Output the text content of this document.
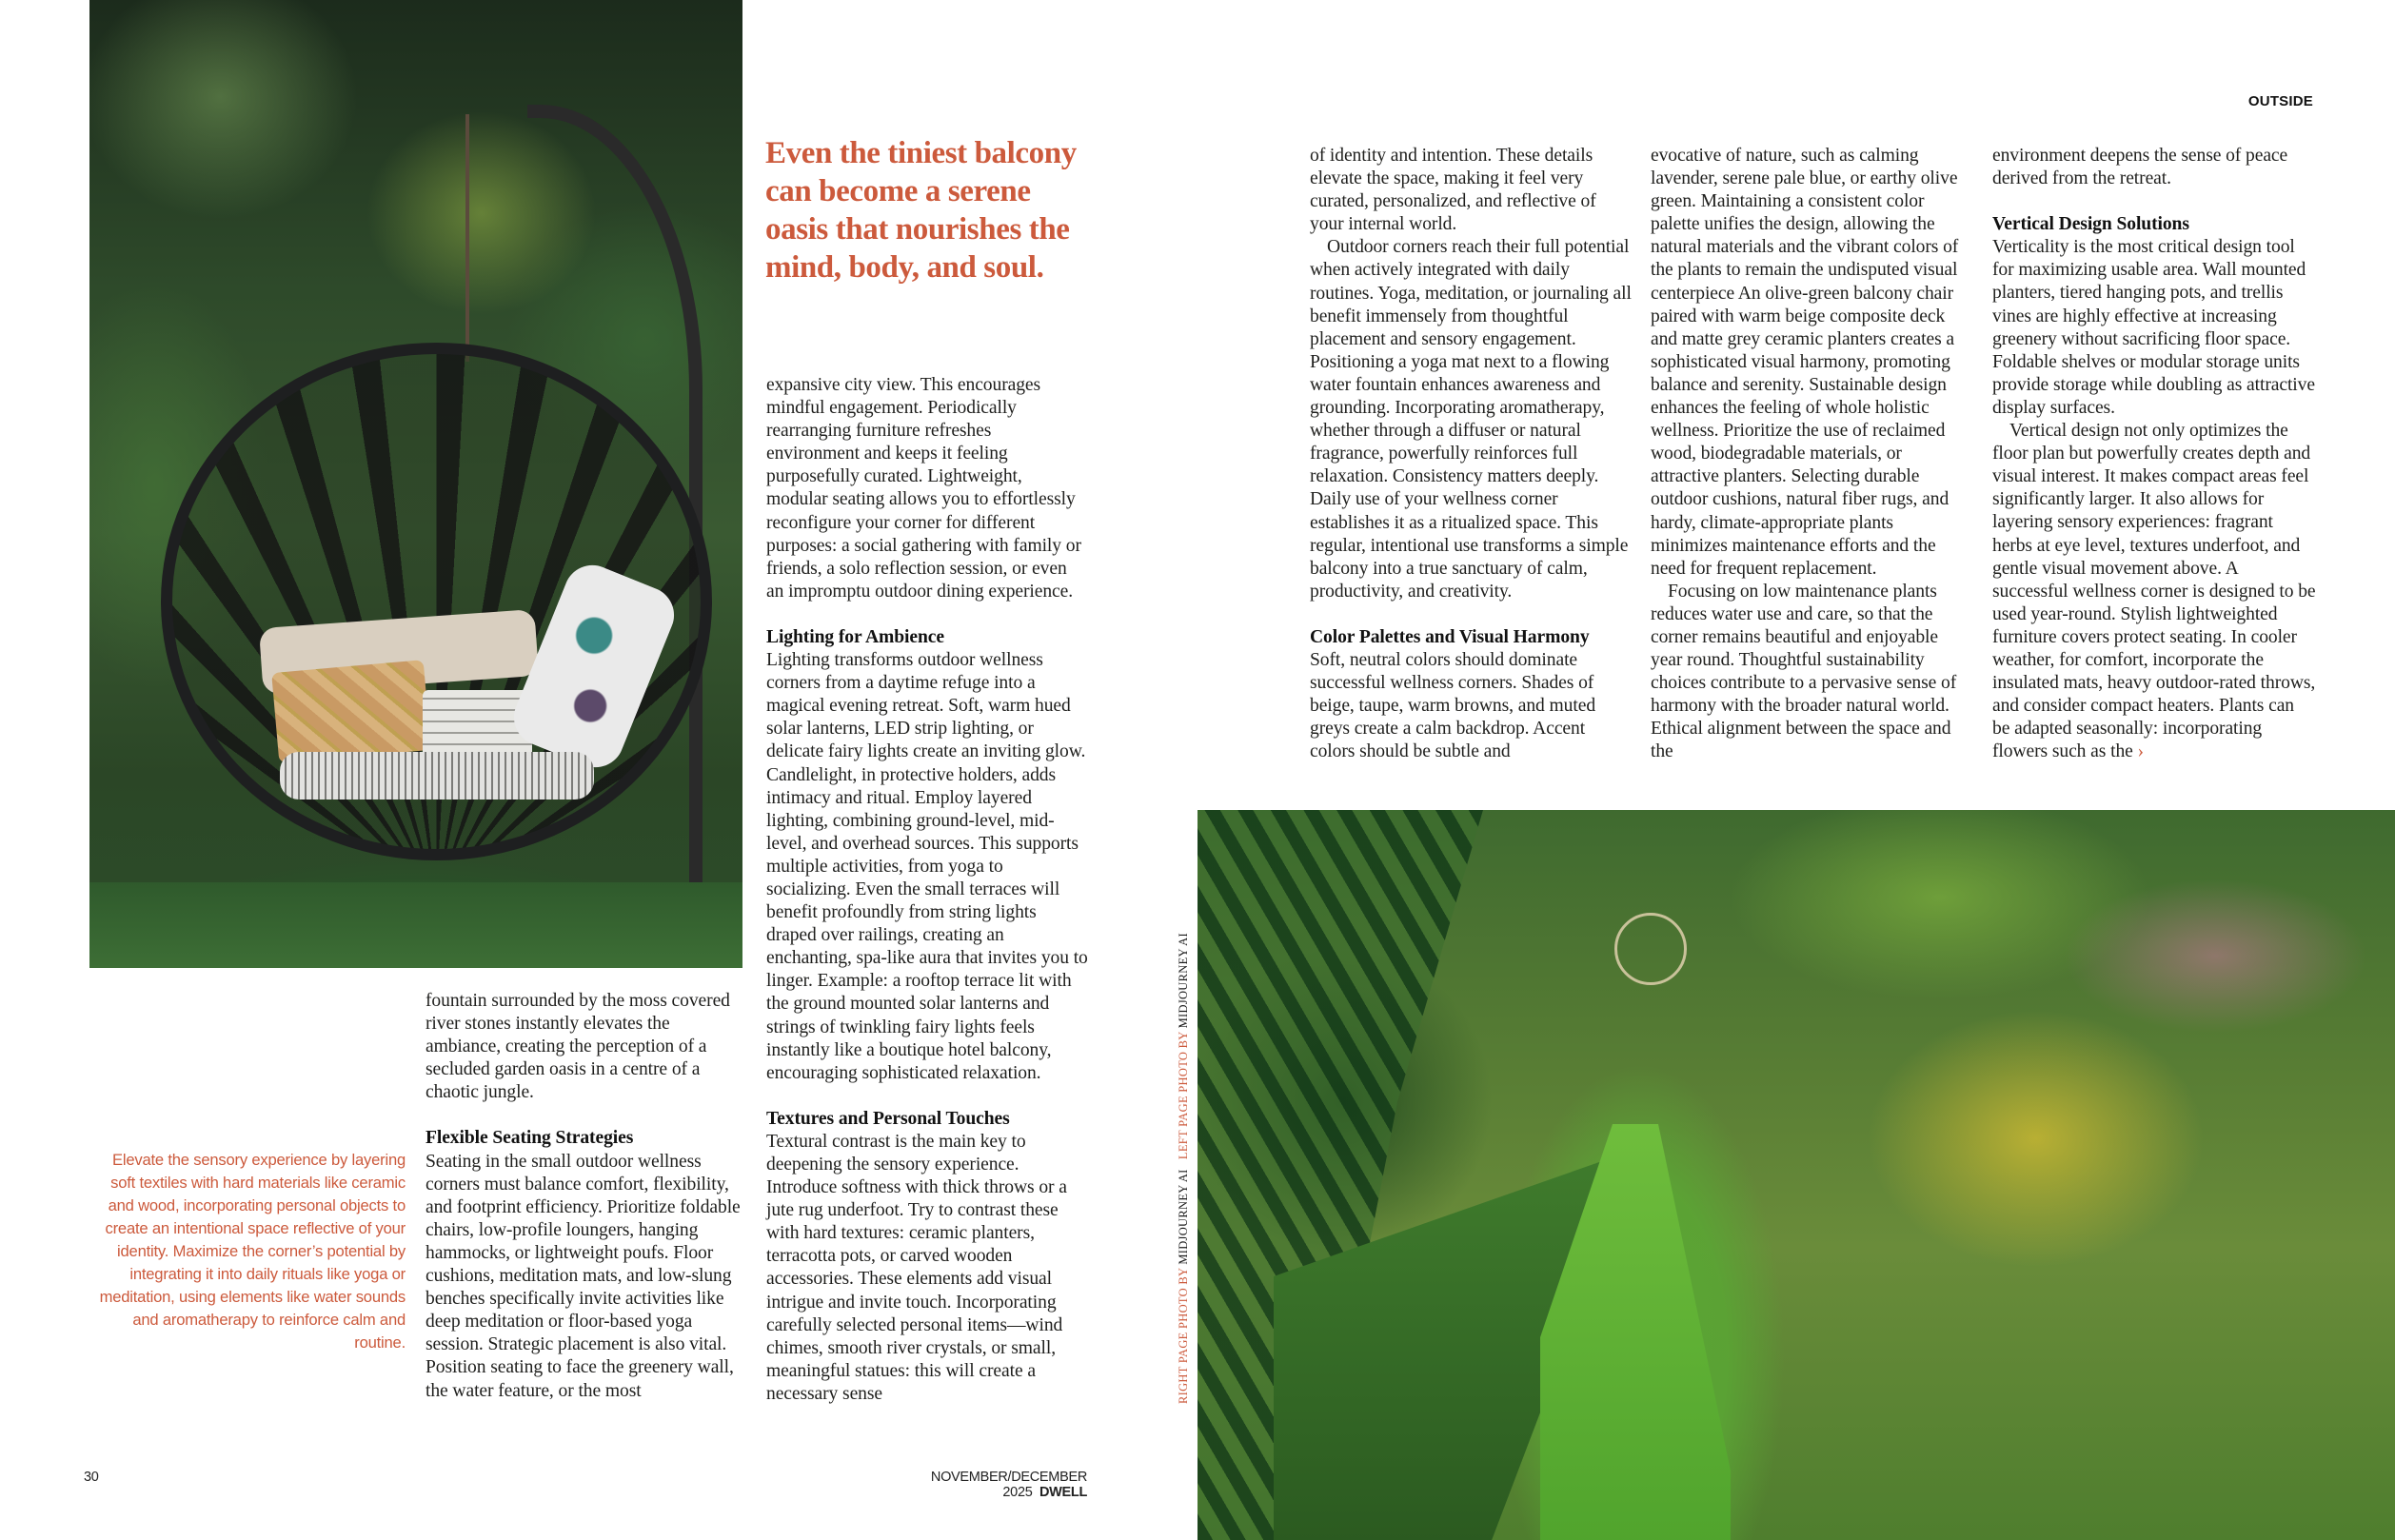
Even the tiniest balcony can become a serene oasis that nourishes the mind, body, and soul.

expansive city view. This encourages mindful engagement. Periodically rearranging furniture refreshes environment and keeps it feeling purposefully curated. Lightweight, modular seating allows you to effortlessly reconfigure your corner for different purposes: a social gathering with family or friends, a solo reflection session, or even an impromptu outdoor dining experience.

Lighting for Ambience

Lighting transforms outdoor wellness corners from a daytime refuge into a magical evening retreat. Soft, warm hued solar lanterns, LED strip lighting, or delicate fairy lights create an inviting glow. Candlelight, in protective holders, adds intimacy and ritual. Employ layered lighting, combining ground-level, mid-level, and overhead sources. This supports multiple activities, from yoga to socializing. Even the small terraces will benefit profoundly from string lights draped over railings, creating an enchanting, spa-like aura that invites you to linger. Example: a rooftop terrace lit with the ground mounted solar lanterns and strings of twinkling fairy lights feels instantly like a boutique hotel balcony, encouraging sophisticated relaxation.

Textures and Personal Touches

Textural contrast is the main key to deepening the sensory experience. Introduce softness with thick throws or a jute rug underfoot. Try to contrast these with hard textures: ceramic planters, terracotta pots, or carved wooden accessories. These elements add visual intrigue and invite touch. Incorporating carefully selected personal items—wind chimes, smooth river crystals, or small, meaningful statues: this will create a necessary sense

fountain surrounded by the moss covered river stones instantly elevates the ambiance, creating the perception of a secluded garden oasis in a centre of a chaotic jungle.

Flexible Seating Strategies

Seating in the small outdoor wellness corners must balance comfort, flexibility, and footprint efficiency. Prioritize foldable chairs, low-profile loungers, hanging hammocks, or lightweight poufs. Floor cushions, meditation mats, and low-slung benches specifically invite activities like deep meditation or floor-based yoga session. Strategic placement is also vital. Position seating to face the greenery wall, the water feature, or the most

Elevate the sensory experience by layering soft textiles with hard materials like ceramic and wood, incorporating personal objects to create an intentional space reflective of your identity. Maximize the corner’s potential by integrating it into daily rituals like yoga or meditation, using elements like water sounds and aromatherapy to reinforce calm and routine.
30	NOVEMBER/DECEMBER 2025 DWELL
RIGHT PAGE PHOTO BY MIDJOURNEY AI   LEFT PAGE PHOTO BY MIDJOURNEY AI
OUTSIDE

of identity and intention. These details elevate the space, making it feel very curated, personalized, and reflective of your internal world.

Outdoor corners reach their full potential when actively integrated with daily routines. Yoga, meditation, or journaling all benefit immensely from thoughtful placement and sensory engagement. Positioning a yoga mat next to a flowing water fountain enhances awareness and grounding. Incorporating aromatherapy, whether through a diffuser or natural fragrance, powerfully reinforces full relaxation. Consistency matters deeply. Daily use of your wellness corner establishes it as a ritualized space. This regular, intentional use transforms a simple balcony into a true sanctuary of calm, productivity, and creativity.

Color Palettes and Visual Harmony

Soft, neutral colors should dominate successful wellness corners. Shades of beige, taupe, warm browns, and muted greys create a calm backdrop. Accent colors should be subtle and

evocative of nature, such as calming lavender, serene pale blue, or earthy olive green. Maintaining a consistent color palette unifies the design, allowing the natural materials and the vibrant colors of the plants to remain the undisputed visual centerpiece An olive-green balcony chair paired with warm beige composite deck and matte grey ceramic planters creates a sophisticated visual harmony, promoting balance and serenity. Sustainable design enhances the feeling of whole holistic wellness. Prioritize the use of reclaimed wood, biodegradable materials, or attractive planters. Selecting durable outdoor cushions, natural fiber rugs, and hardy, climate-appropriate plants minimizes maintenance efforts and the need for frequent replacement.

Focusing on low maintenance plants reduces water use and care, so that the corner remains beautiful and enjoyable year round. Thoughtful sustainability choices contribute to a pervasive sense of harmony with the broader natural world. Ethical alignment between the space and the

environment deepens the sense of peace derived from the retreat.

Vertical Design Solutions

Verticality is the most critical design tool for maximizing usable area. Wall mounted planters, tiered hanging pots, and trellis vines are highly effective at increasing greenery without sacrificing floor space. Foldable shelves or modular storage units provide storage while doubling as attractive display surfaces.

Vertical design not only optimizes the floor plan but powerfully creates depth and visual interest. It makes compact areas feel significantly larger. It also allows for layering sensory experiences: fragrant herbs at eye level, textures underfoot, and gentle visual movement above. A successful wellness corner is designed to be used year-round. Stylish lightweighted furniture covers protect seating. In cooler weather, for comfort, incorporate the insulated mats, heavy outdoor-rated throws, and consider compact heaters. Plants can be adapted seasonally: incorporating flowers such as the ›
